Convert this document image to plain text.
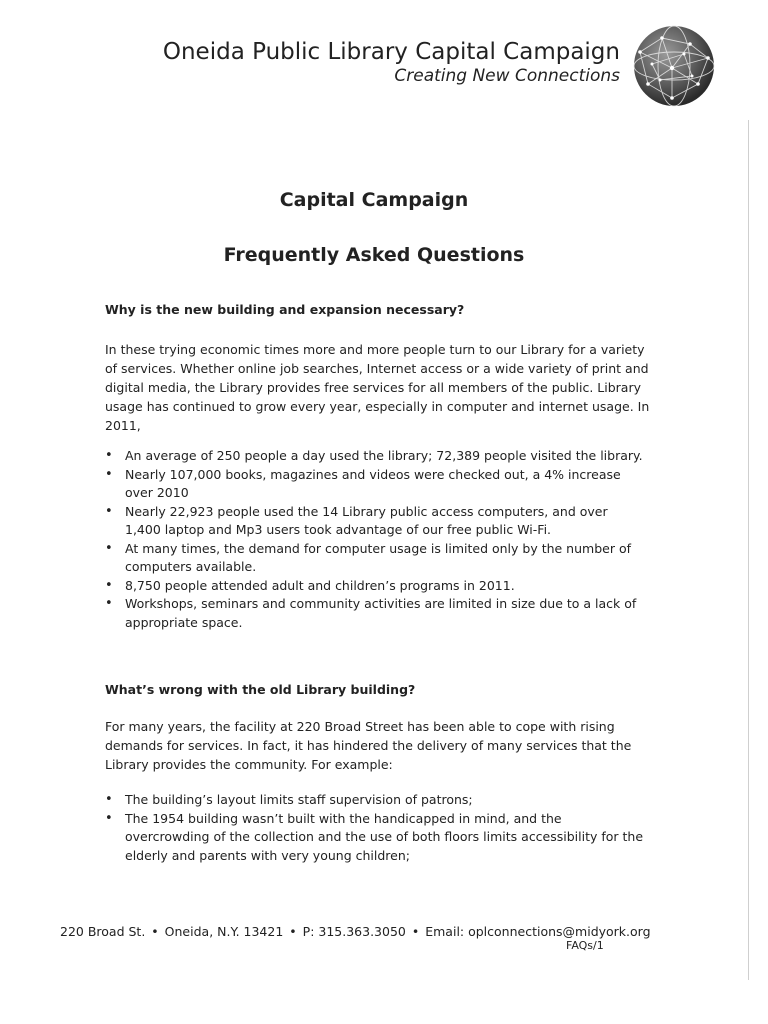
Oneida Public Library Capital Campaign
Creating New Connections
Capital Campaign
Frequently Asked Questions
Why is the new building and expansion necessary?

In these trying economic times more and more people turn to our Library for a variety of services. Whether online job searches, Internet access or a wide variety of print and digital media, the Library provides free services for all members of the public. Library usage has continued to grow every year, especially in computer and internet usage. In 2011,

• An average of 250 people a day used the library; 72,389 people visited the library.
• Nearly 107,000 books, magazines and videos were checked out, a 4% increase over 2010
• Nearly 22,923 people used the 14 Library public access computers, and over 1,400 laptop and Mp3 users took advantage of our free public Wi-Fi.
• At many times, the demand for computer usage is limited only by the number of computers available.
• 8,750 people attended adult and children’s programs in 2011.
• Workshops, seminars and community activities are limited in size due to a lack of appropriate space.
What’s wrong with the old Library building?

For many years, the facility at 220 Broad Street has been able to cope with rising demands for services. In fact, it has hindered the delivery of many services that the Library provides the community. For example:

• The building’s layout limits staff supervision of patrons;
• The 1954 building wasn’t built with the handicapped in mind, and the overcrowding of the collection and the use of both floors limits accessibility for the elderly and parents with very young children;
220 Broad St. • Oneida, N.Y. 13421 • P: 315.363.3050 • Email: oplconnections@midyork.org
FAQs/1
